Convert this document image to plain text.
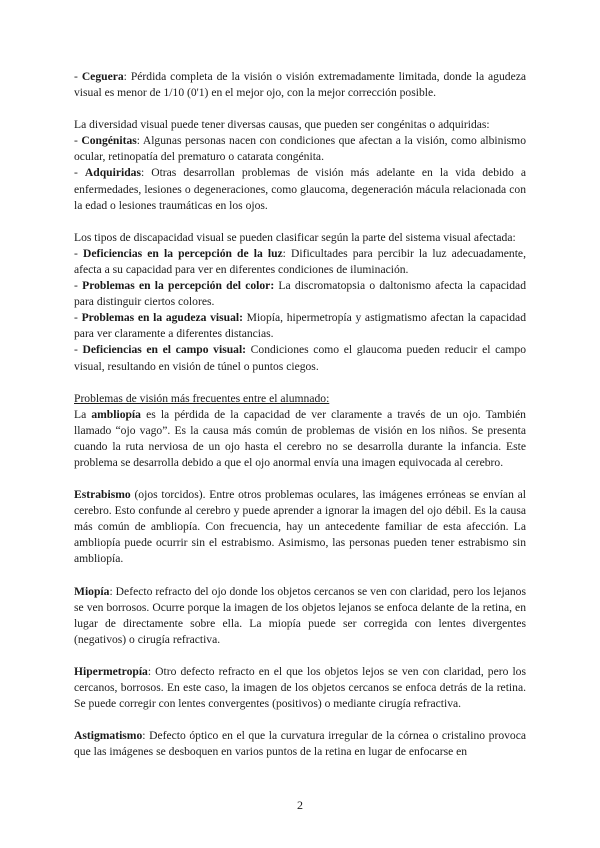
- Ceguera: Pérdida completa de la visión o visión extremadamente limitada, donde la agudeza visual es menor de 1/10 (0'1) en el mejor ojo, con la mejor corrección posible.

La diversidad visual puede tener diversas causas, que pueden ser congénitas o adquiridas:

- Congénitas: Algunas personas nacen con condiciones que afectan a la visión, como albinismo ocular, retinopatía del prematuro o catarata congénita.

- Adquiridas: Otras desarrollan problemas de visión más adelante en la vida debido a enfermedades, lesiones o degeneraciones, como glaucoma, degeneración mácula relacionada con la edad o lesiones traumáticas en los ojos.

Los tipos de discapacidad visual se pueden clasificar según la parte del sistema visual afectada:

- Deficiencias en la percepción de la luz: Dificultades para percibir la luz adecuadamente, afecta a su capacidad para ver en diferentes condiciones de iluminación.

- Problemas en la percepción del color: La discromatopsia o daltonismo afecta la capacidad para distinguir ciertos colores.

- Problemas en la agudeza visual: Miopía, hipermetropía y astigmatismo afectan la capacidad para ver claramente a diferentes distancias.

- Deficiencias en el campo visual: Condiciones como el glaucoma pueden reducir el campo visual, resultando en visión de túnel o puntos ciegos.

Problemas de visión más frecuentes entre el alumnado:

La ambliopía es la pérdida de la capacidad de ver claramente a través de un ojo. También llamado “ojo vago”. Es la causa más común de problemas de visión en los niños. Se presenta cuando la ruta nerviosa de un ojo hasta el cerebro no se desarrolla durante la infancia. Este problema se desarrolla debido a que el ojo anormal envía una imagen equivocada al cerebro.

Estrabismo (ojos torcidos). Entre otros problemas oculares, las imágenes erróneas se envían al cerebro. Esto confunde al cerebro y puede aprender a ignorar la imagen del ojo débil. Es la causa más común de ambliopía. Con frecuencia, hay un antecedente familiar de esta afección. La ambliopía puede ocurrir sin el estrabismo. Asimismo, las personas pueden tener estrabismo sin ambliopía.

Miopía: Defecto refracto del ojo donde los objetos cercanos se ven con claridad, pero los lejanos se ven borrosos. Ocurre porque la imagen de los objetos lejanos se enfoca delante de la retina, en lugar de directamente sobre ella. La miopía puede ser corregida con lentes divergentes (negativos) o cirugía refractiva.

Hipermetropía: Otro defecto refracto en el que los objetos lejos se ven con claridad, pero los cercanos, borrosos. En este caso, la imagen de los objetos cercanos se enfoca detrás de la retina. Se puede corregir con lentes convergentes (positivos) o mediante cirugía refractiva.

Astigmatismo: Defecto óptico en el que la curvatura irregular de la córnea o cristalino provoca que las imágenes se desboquen en varios puntos de la retina en lugar de enfocarse en

2
